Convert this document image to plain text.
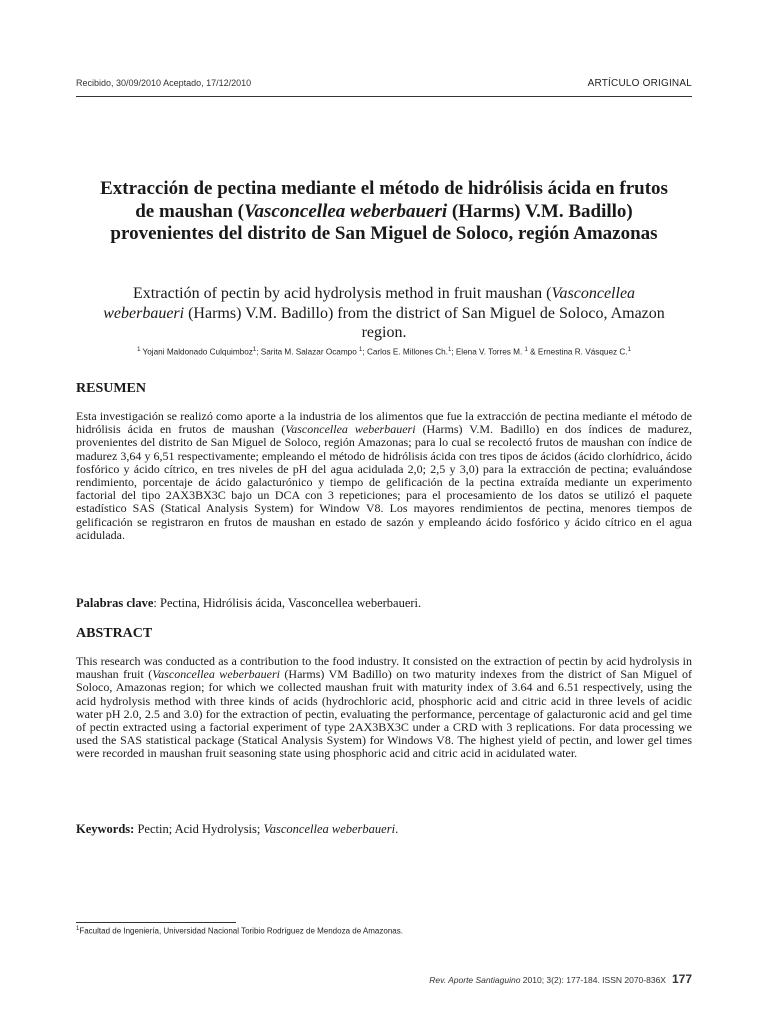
Recibido, 30/09/2010 Aceptado, 17/12/2010	ARTÍCULO ORIGINAL
Extracción de pectina mediante el método de hidrólisis ácida en frutos de maushan (Vasconcellea weberbaueri (Harms) V.M. Badillo) provenientes del distrito de San Miguel de Soloco, región Amazonas
Extractión of pectin by acid hydrolysis method in fruit maushan (Vasconcellea weberbaueri (Harms) V.M. Badillo) from the district of San Miguel de Soloco, Amazon region.
$^1$ Yojani Maldonado Culquimboz$^1$; Sarita M. Salazar Ocampo $^1$; Carlos E. Millones Ch.$^1$; Elena V. Torres M. $^1$ & Ernestina R. Vásquez C.$^1$
RESUMEN
Esta investigación se realizó como aporte a la industria de los alimentos que fue la extracción de pectina mediante el método de hidrólisis ácida en frutos de maushan (Vasconcellea weberbaueri (Harms) V.M. Badillo) en dos índices de madurez, provenientes del distrito de San Miguel de Soloco, región Amazonas; para lo cual se recolectó frutos de maushan con índice de madurez 3,64 y 6,51 respectivamente; empleando el método de hidrólisis ácida con tres tipos de ácidos (ácido clorhídrico, ácido fosfórico y ácido cítrico, en tres niveles de pH del agua acidulada 2,0; 2,5 y 3,0) para la extracción de pectina; evaluándose rendimiento, porcentaje de ácido galacturónico y tiempo de gelificación de la pectina extraída mediante un experimento factorial del tipo 2AX3BX3C bajo un DCA con 3 repeticiones; para el procesamiento de los datos se utilizó el paquete estadístico SAS (Statical Analysis System) for Window V8. Los mayores rendimientos de pectina, menores tiempos de gelificación se registraron en frutos de maushan en estado de sazón y empleando ácido fosfórico y ácido cítrico en el agua acidulada.
Palabras clave: Pectina, Hidrólisis ácida, Vasconcellea weberbaueri.
ABSTRACT
This research was conducted as a contribution to the food industry. It consisted on the extraction of pectin by acid hydrolysis in maushan fruit (Vasconcellea weberbaueri (Harms) VM Badillo) on two maturity indexes from the district of San Miguel of Soloco, Amazonas region; for which we collected maushan fruit with maturity index of 3.64 and 6.51 respectively, using the acid hydrolysis method with three kinds of acids (hydrochloric acid, phosphoric acid and citric acid in three levels of acidic water pH 2.0, 2.5 and 3.0) for the extraction of pectin, evaluating the performance, percentage of galacturonic acid and gel time of pectin extracted using a factorial experiment of type 2AX3BX3C under a CRD with 3 replications. For data processing we used the SAS statistical package (Statical Analysis System) for Windows V8. The highest yield of pectin, and lower gel times were recorded in maushan fruit seasoning state using phosphoric acid and citric acid in acidulated water.
Keywords: Pectin; Acid Hydrolysis; Vasconcellea weberbaueri.
$^1$Facultad de Ingeniería, Universidad Nacional Toribio Rodríguez de Mendoza de Amazonas.
Rev. Aporte Santiaguino 2010; 3(2): 177-184. ISSN 2070-836X 177
